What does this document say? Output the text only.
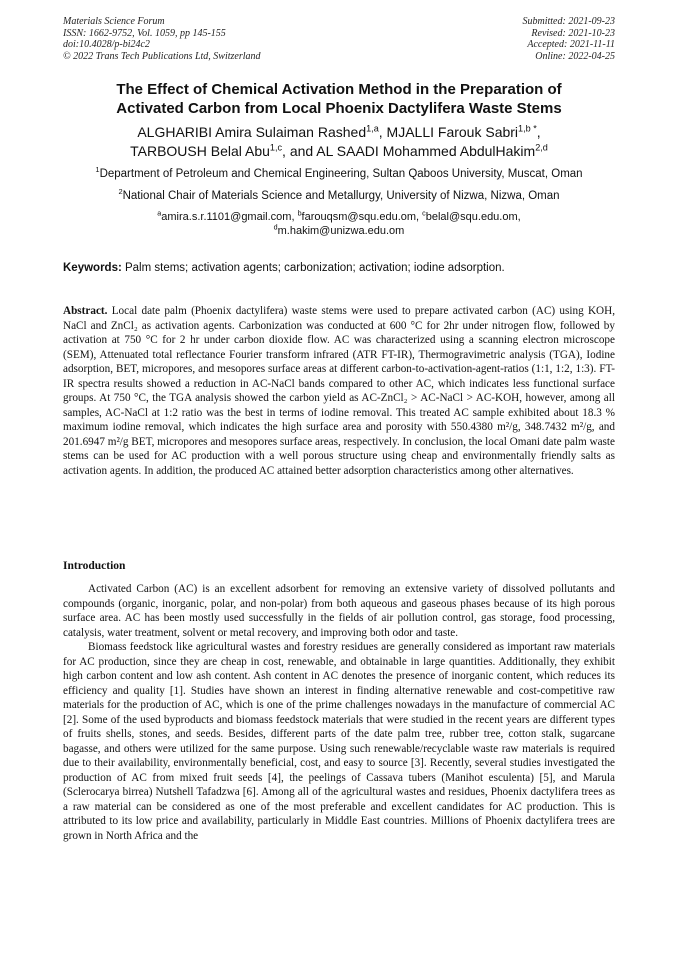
Materials Science Forum
ISSN: 1662-9752, Vol. 1059, pp 145-155
doi:10.4028/p-bi24c2
© 2022 Trans Tech Publications Ltd, Switzerland
Submitted: 2021-09-23
Revised: 2021-10-23
Accepted: 2021-11-11
Online: 2022-04-25
The Effect of Chemical Activation Method in the Preparation of
Activated Carbon from Local Phoenix Dactylifera Waste Stems
ALGHARIBI Amira Sulaiman Rashed$^{1,a}$, MJALLI Farouk Sabri$^{1,b *}$,
TARBOUSH Belal Abu$^{1,c}$, and AL SAADI Mohammed AbdulHakim$^{2,d}$
$^1$Department of Petroleum and Chemical Engineering, Sultan Qaboos University, Muscat, Oman
$^2$National Chair of Materials Science and Metallurgy, University of Nizwa, Nizwa, Oman
$^a$amira.s.r.1101@gmail.com, $^b$farouqsm@squ.edu.om, $^c$belal@squ.edu.om,
$^d$m.hakim@unizwa.edu.om
Keywords: Palm stems; activation agents; carbonization; activation; iodine adsorption.

Abstract. Local date palm (Phoenix dactylifera) waste stems were used to prepare activated carbon (AC) using KOH, NaCl and ZnCl₂ as activation agents. Carbonization was conducted at 600 °C for 2hr under nitrogen flow, followed by activation at 750 °C for 2 hr under carbon dioxide flow. AC was characterized using a scanning electron microscope (SEM), Attenuated total reflectance Fourier transform infrared (ATR FT-IR), Thermogravimetric analysis (TGA), Iodine adsorption, BET, micropores, and mesopores surface areas at different carbon-to-activation-agent-ratios (1:1, 1:2, 1:3). FT-IR spectra results showed a reduction in AC-NaCl bands compared to other AC, which indicates less functional surface groups. At 750 °C, the TGA analysis showed the carbon yield as AC-ZnCl₂ > AC-NaCl > AC-KOH, however, among all samples, AC-NaCl at 1:2 ratio was the best in terms of iodine removal. This treated AC sample exhibited about 18.3 % maximum iodine removal, which indicates the high surface area and porosity with 550.4380 m²/g, 348.7432 m²/g, and 201.6947 m²/g BET, micropores and mesopores surface areas, respectively. In conclusion, the local Omani date palm waste stems can be used for AC production with a well porous structure using cheap and environmentally friendly salts as activation agents. In addition, the produced AC attained better adsorption characteristics among other alternatives.

Introduction

Activated Carbon (AC) is an excellent adsorbent for removing an extensive variety of dissolved pollutants and compounds (organic, inorganic, polar, and non-polar) from both aqueous and gaseous phases because of its high porous surface area. AC has been mostly used successfully in the fields of air pollution control, gas storage, food processing, catalysis, water treatment, solvent or metal recovery, and improving both odor and taste.

Biomass feedstock like agricultural wastes and forestry residues are generally considered as important raw materials for AC production, since they are cheap in cost, renewable, and obtainable in large quantities. Additionally, they exhibit high carbon content and low ash content. Ash content in AC denotes the presence of inorganic content, which reduces its efficiency and quality [1]. Studies have shown an interest in finding alternative renewable and cost-competitive raw materials for the production of AC, which is one of the prime challenges nowadays in the manufacture of commercial AC [2]. Some of the used byproducts and biomass feedstock materials that were studied in the recent years are different types of fruits shells, stones, and seeds. Besides, different parts of the date palm tree, rubber tree, cotton stalk, sugarcane bagasse, and others were utilized for the same purpose. Using such renewable/recyclable waste raw materials is required due to their availability, environmentally beneficial, cost, and easy to source [3]. Recently, several studies investigated the production of AC from mixed fruit seeds [4], the peelings of Cassava tubers (Manihot esculenta) [5], and Marula (Sclerocarya birrea) Nutshell Tafadzwa [6]. Among all of the agricultural wastes and residues, Phoenix dactylifera trees as a raw material can be considered as one of the most preferable and excellent candidates for AC production. This is attributed to its low price and availability, particularly in Middle East countries. Millions of Phoenix dactylifera trees are grown in North Africa and the
